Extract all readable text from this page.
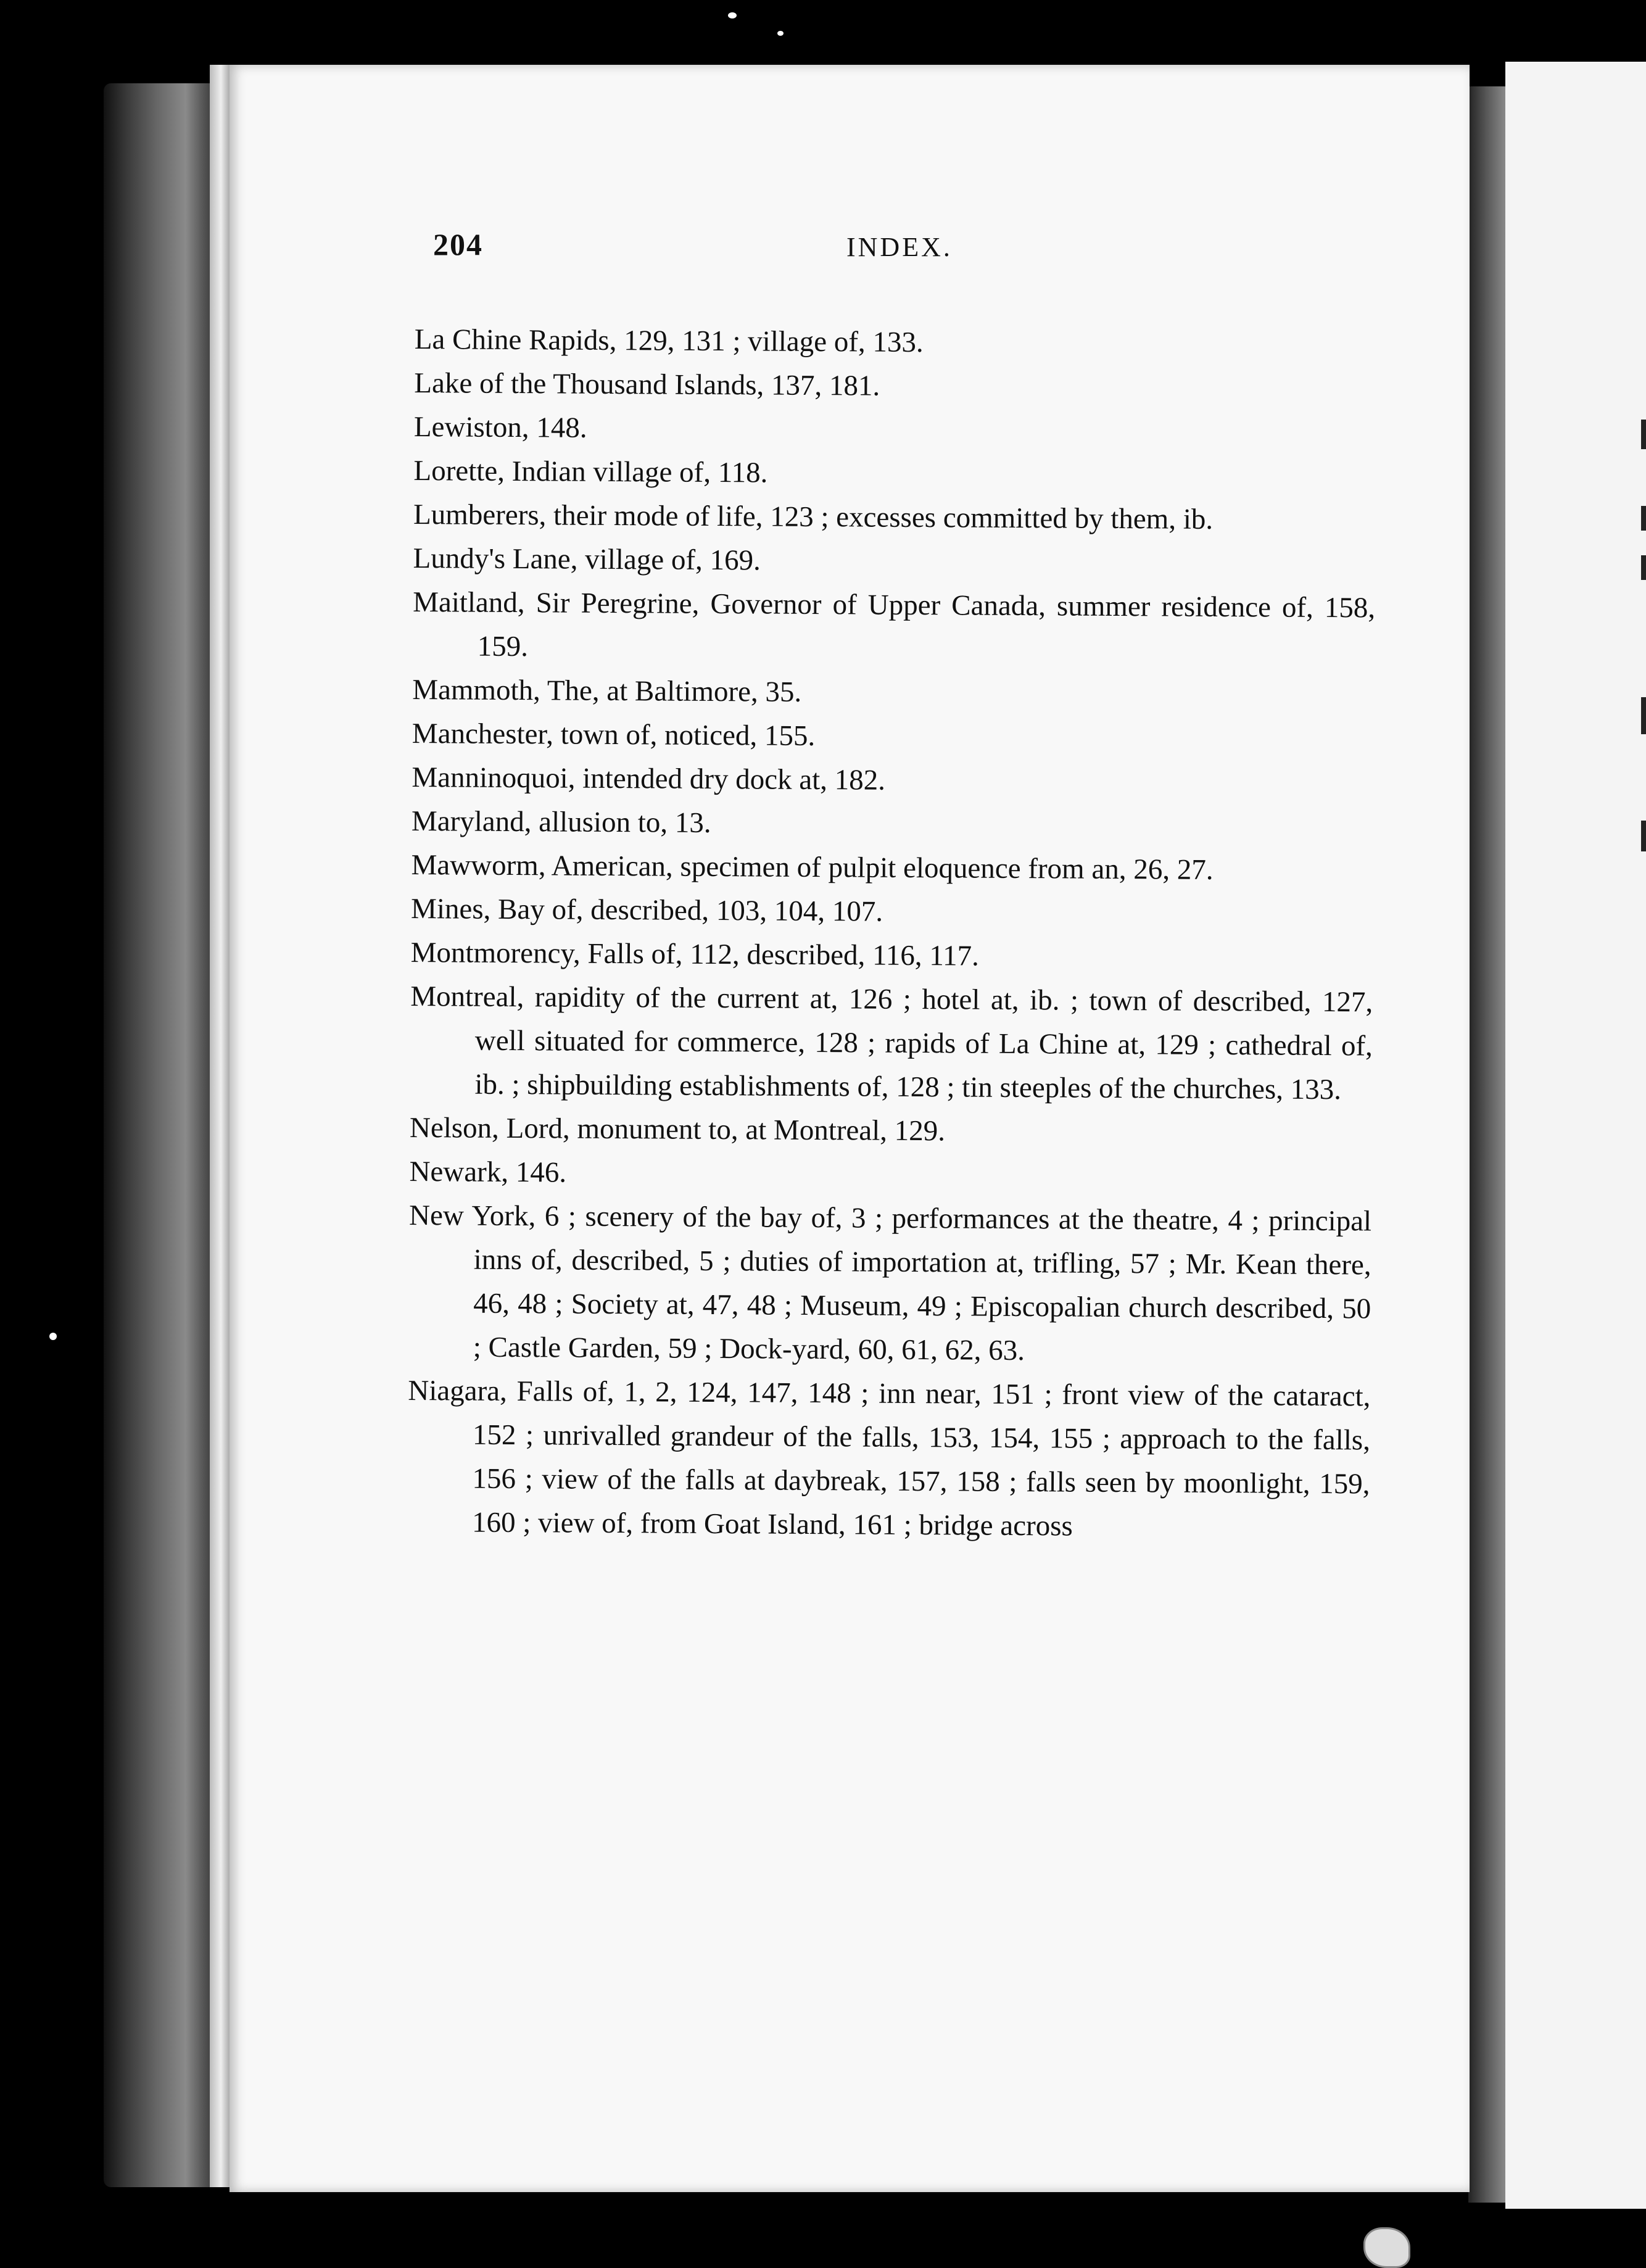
204	INDEX.

La Chine Rapids, 129, 131 ; village of, 133.

Lake of the Thousand Islands, 137, 181.

Lewiston, 148.

Lorette, Indian village of, 118.

Lumberers, their mode of life, 123 ; excesses committed by them, ib.

Lundy's Lane, village of, 169.

Maitland, Sir Peregrine, Governor of Upper Canada, summer residence of, 158, 159.

Mammoth, The, at Baltimore, 35.

Manchester, town of, noticed, 155.

Manninoquoi, intended dry dock at, 182.

Maryland, allusion to, 13.

Mawworm, American, specimen of pulpit eloquence from an, 26, 27.

Mines, Bay of, described, 103, 104, 107.

Montmorency, Falls of, 112, described, 116, 117.

Montreal, rapidity of the current at, 126 ; hotel at, ib. ; town of described, 127, well situated for commerce, 128 ; rapids of La Chine at, 129 ; cathedral of, ib. ; shipbuilding establishments of, 128 ; tin steeples of the churches, 133.

Nelson, Lord, monument to, at Montreal, 129.

Newark, 146.

New York, 6 ; scenery of the bay of, 3 ; performances at the theatre, 4 ; principal inns of, described, 5 ; duties of importation at, trifling, 57 ; Mr. Kean there, 46, 48 ; Society at, 47, 48 ; Museum, 49 ; Episcopalian church described, 50 ; Castle Garden, 59 ; Dock-yard, 60, 61, 62, 63.

Niagara, Falls of, 1, 2, 124, 147, 148 ; inn near, 151 ; front view of the cataract, 152 ; unrivalled grandeur of the falls, 153, 154, 155 ; approach to the falls, 156 ; view of the falls at daybreak, 157, 158 ; falls seen by moonlight, 159, 160 ; view of, from Goat Island, 161 ; bridge across
